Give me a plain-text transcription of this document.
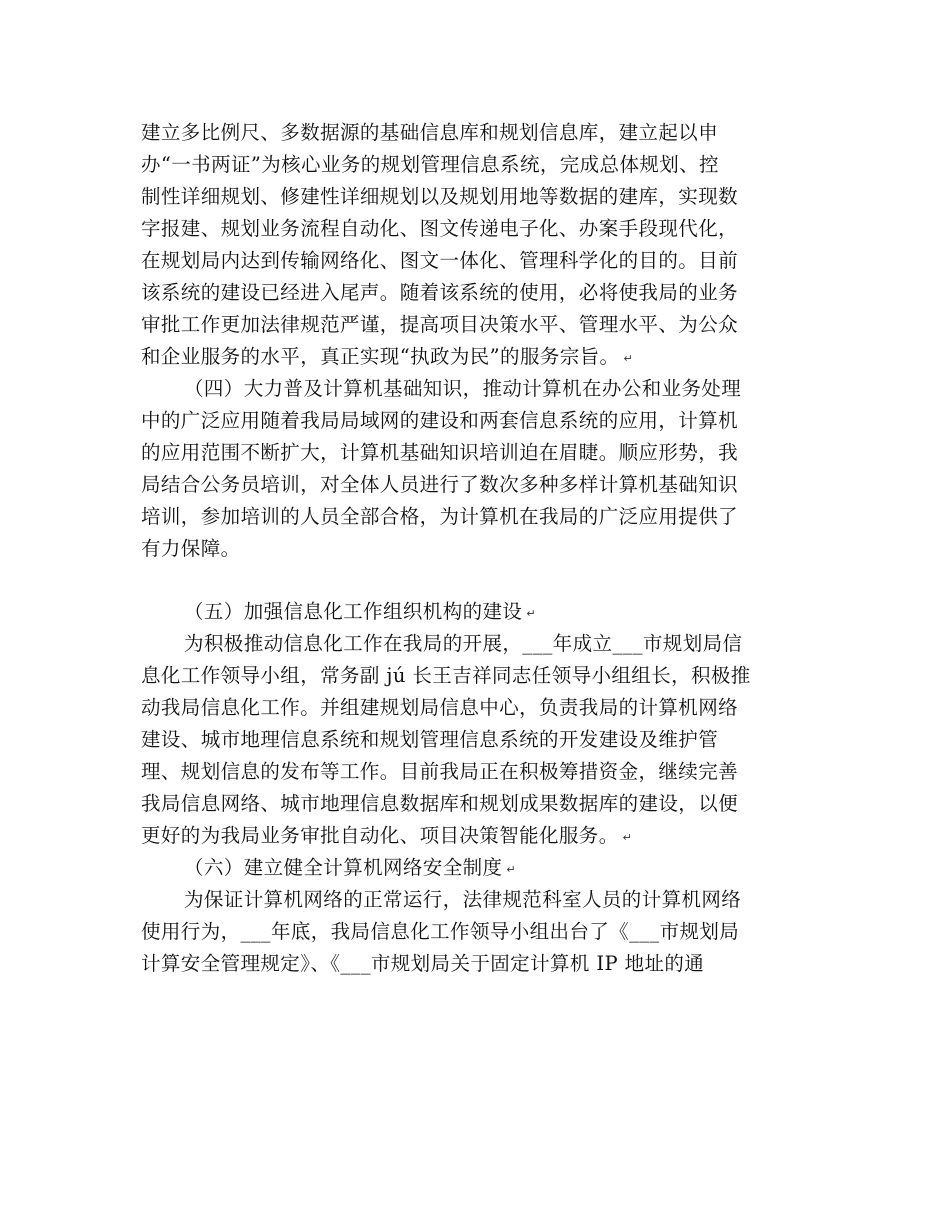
建立多比例尺、多数据源的基础信息库和规划信息库，建立起以申

办“一书两证”为核心业务的规划管理信息系统，完成总体规划、控

制性详细规划、修建性详细规划以及规划用地等数据的建库，实现数

字报建、规划业务流程自动化、图文传递电子化、办案手段现代化，

在规划局内达到传输网络化、图文一体化、管理科学化的目的。目前

该系统的建设已经进入尾声。随着该系统的使用，必将使我局的业务

审批工作更加法律规范严谨，提高项目决策水平、管理水平、为公众

和企业服务的水平，真正实现“执政为民”的服务宗旨。 ↵

（四）大力普及计算机基础知识，推动计算机在办公和业务处理

中的广泛应用随着我局局域网的建设和两套信息系统的应用，计算机

的应用范围不断扩大，计算机基础知识培训迫在眉睫。顺应形势，我

局结合公务员培训，对全体人员进行了数次多种多样计算机基础知识

培训，参加培训的人员全部合格，为计算机在我局的广泛应用提供了

有力保障。

（五）加强信息化工作组织机构的建设 ↵

为积极推动信息化工作在我局的开展，___年成立___市规划局信

息化工作领导小组，常务副 jú 长王吉祥同志任领导小组组长，积极推

动我局信息化工作。并组建规划局信息中心，负责我局的计算机网络

建设、城市地理信息系统和规划管理信息系统的开发建设及维护管

理、规划信息的发布等工作。目前我局正在积极筹措资金，继续完善

我局信息网络、城市地理信息数据库和规划成果数据库的建设，以便

更好的为我局业务审批自动化、项目决策智能化服务。 ↵
（六）建立健全计算机网络安全制度 ↵

为保证计算机网络的正常运行，法律规范科室人员的计算机网络

使用行为，___年底，我局信息化工作领导小组出台了《___市规划局

计算安全管理规定》、《___市规划局关于固定计算机 IP 地址的通
